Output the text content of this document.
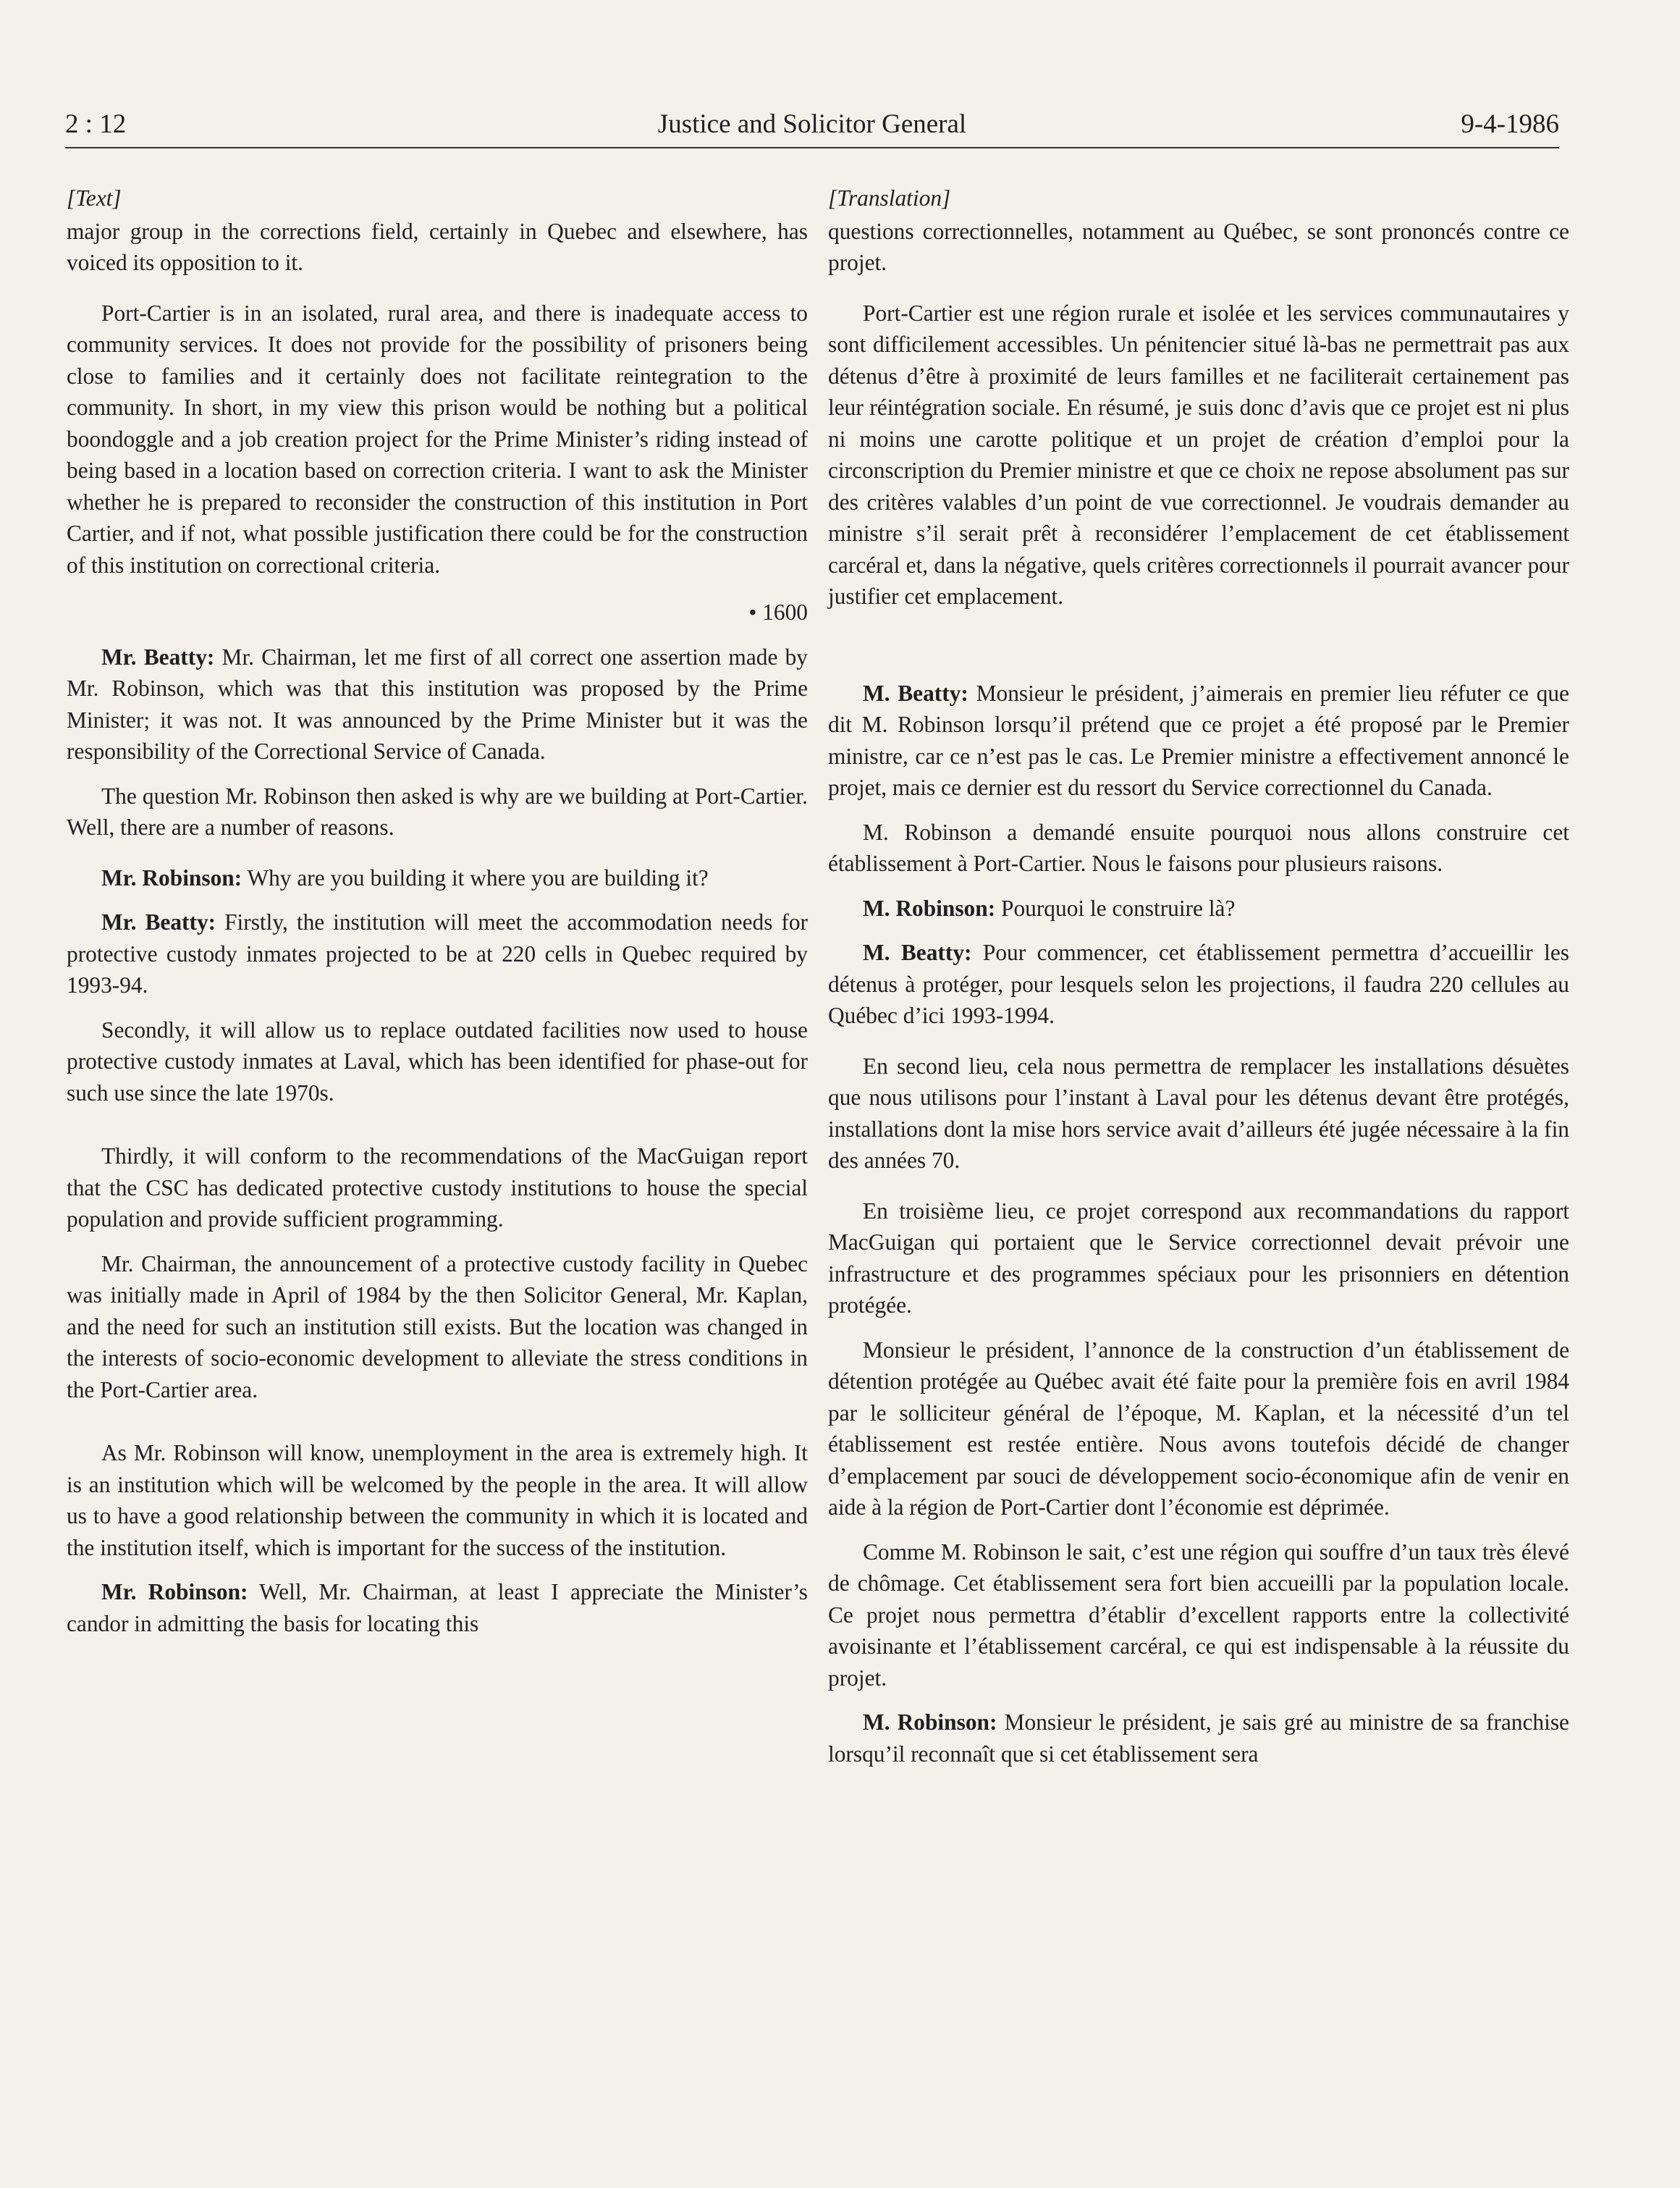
2 : 12	Justice and Solicitor General	9-4-1986
[Text]

major group in the corrections field, certainly in Quebec and elsewhere, has voiced its opposition to it.

Port-Cartier is in an isolated, rural area, and there is inadequate access to community services. It does not provide for the possibility of prisoners being close to families and it certainly does not facilitate reintegration to the community. In short, in my view this prison would be nothing but a political boondoggle and a job creation project for the Prime Minister’s riding instead of being based in a location based on correction criteria. I want to ask the Minister whether he is prepared to reconsider the construction of this institution in Port Cartier, and if not, what possible justification there could be for the construction of this institution on correctional criteria.

• 1600

Mr. Beatty: Mr. Chairman, let me first of all correct one assertion made by Mr. Robinson, which was that this institution was proposed by the Prime Minister; it was not. It was announced by the Prime Minister but it was the responsibility of the Correctional Service of Canada.

The question Mr. Robinson then asked is why are we building at Port-Cartier. Well, there are a number of reasons.

Mr. Robinson: Why are you building it where you are building it?

Mr. Beatty: Firstly, the institution will meet the accommodation needs for protective custody inmates projected to be at 220 cells in Quebec required by 1993-94.

Secondly, it will allow us to replace outdated facilities now used to house protective custody inmates at Laval, which has been identified for phase-out for such use since the late 1970s.

Thirdly, it will conform to the recommendations of the MacGuigan report that the CSC has dedicated protective custody institutions to house the special population and provide sufficient programming.

Mr. Chairman, the announcement of a protective custody facility in Quebec was initially made in April of 1984 by the then Solicitor General, Mr. Kaplan, and the need for such an institution still exists. But the location was changed in the interests of socio-economic development to alleviate the stress conditions in the Port-Cartier area.

As Mr. Robinson will know, unemployment in the area is extremely high. It is an institution which will be welcomed by the people in the area. It will allow us to have a good relationship between the community in which it is located and the institution itself, which is important for the success of the institution.

Mr. Robinson: Well, Mr. Chairman, at least I appreciate the Minister’s candor in admitting the basis for locating this

[Translation]

questions correctionnelles, notamment au Québec, se sont prononcés contre ce projet.

Port-Cartier est une région rurale et isolée et les services communautaires y sont difficilement accessibles. Un pénitencier situé là-bas ne permettrait pas aux détenus d’être à proximité de leurs familles et ne faciliterait certainement pas leur réintégration sociale. En résumé, je suis donc d’avis que ce projet est ni plus ni moins une carotte politique et un projet de création d’emploi pour la circonscription du Premier ministre et que ce choix ne repose absolument pas sur des critères valables d’un point de vue correctionnel. Je voudrais demander au ministre s’il serait prêt à reconsidérer l’emplacement de cet établissement carcéral et, dans la négative, quels critères correctionnels il pourrait avancer pour justifier cet emplacement.

M. Beatty: Monsieur le président, j’aimerais en premier lieu réfuter ce que dit M. Robinson lorsqu’il prétend que ce projet a été proposé par le Premier ministre, car ce n’est pas le cas. Le Premier ministre a effectivement annoncé le projet, mais ce dernier est du ressort du Service correctionnel du Canada.

M. Robinson a demandé ensuite pourquoi nous allons construire cet établissement à Port-Cartier. Nous le faisons pour plusieurs raisons.

M. Robinson: Pourquoi le construire là?

M. Beatty: Pour commencer, cet établissement permettra d’accueillir les détenus à protéger, pour lesquels selon les projections, il faudra 220 cellules au Québec d’ici 1993-1994.

En second lieu, cela nous permettra de remplacer les installations désuètes que nous utilisons pour l’instant à Laval pour les détenus devant être protégés, installations dont la mise hors service avait d’ailleurs été jugée nécessaire à la fin des années 70.

En troisième lieu, ce projet correspond aux recommandations du rapport MacGuigan qui portaient que le Service correctionnel devait prévoir une infrastructure et des programmes spéciaux pour les prisonniers en détention protégée.

Monsieur le président, l’annonce de la construction d’un établissement de détention protégée au Québec avait été faite pour la première fois en avril 1984 par le solliciteur général de l’époque, M. Kaplan, et la nécessité d’un tel établissement est restée entière. Nous avons toutefois décidé de changer d’emplacement par souci de développement socio-économique afin de venir en aide à la région de Port-Cartier dont l’économie est déprimée.

Comme M. Robinson le sait, c’est une région qui souffre d’un taux très élevé de chômage. Cet établissement sera fort bien accueilli par la population locale. Ce projet nous permettra d’établir d’excellent rapports entre la collectivité avoisinante et l’établissement carcéral, ce qui est indispensable à la réussite du projet.

M. Robinson: Monsieur le président, je sais gré au ministre de sa franchise lorsqu’il reconnaît que si cet établissement sera
